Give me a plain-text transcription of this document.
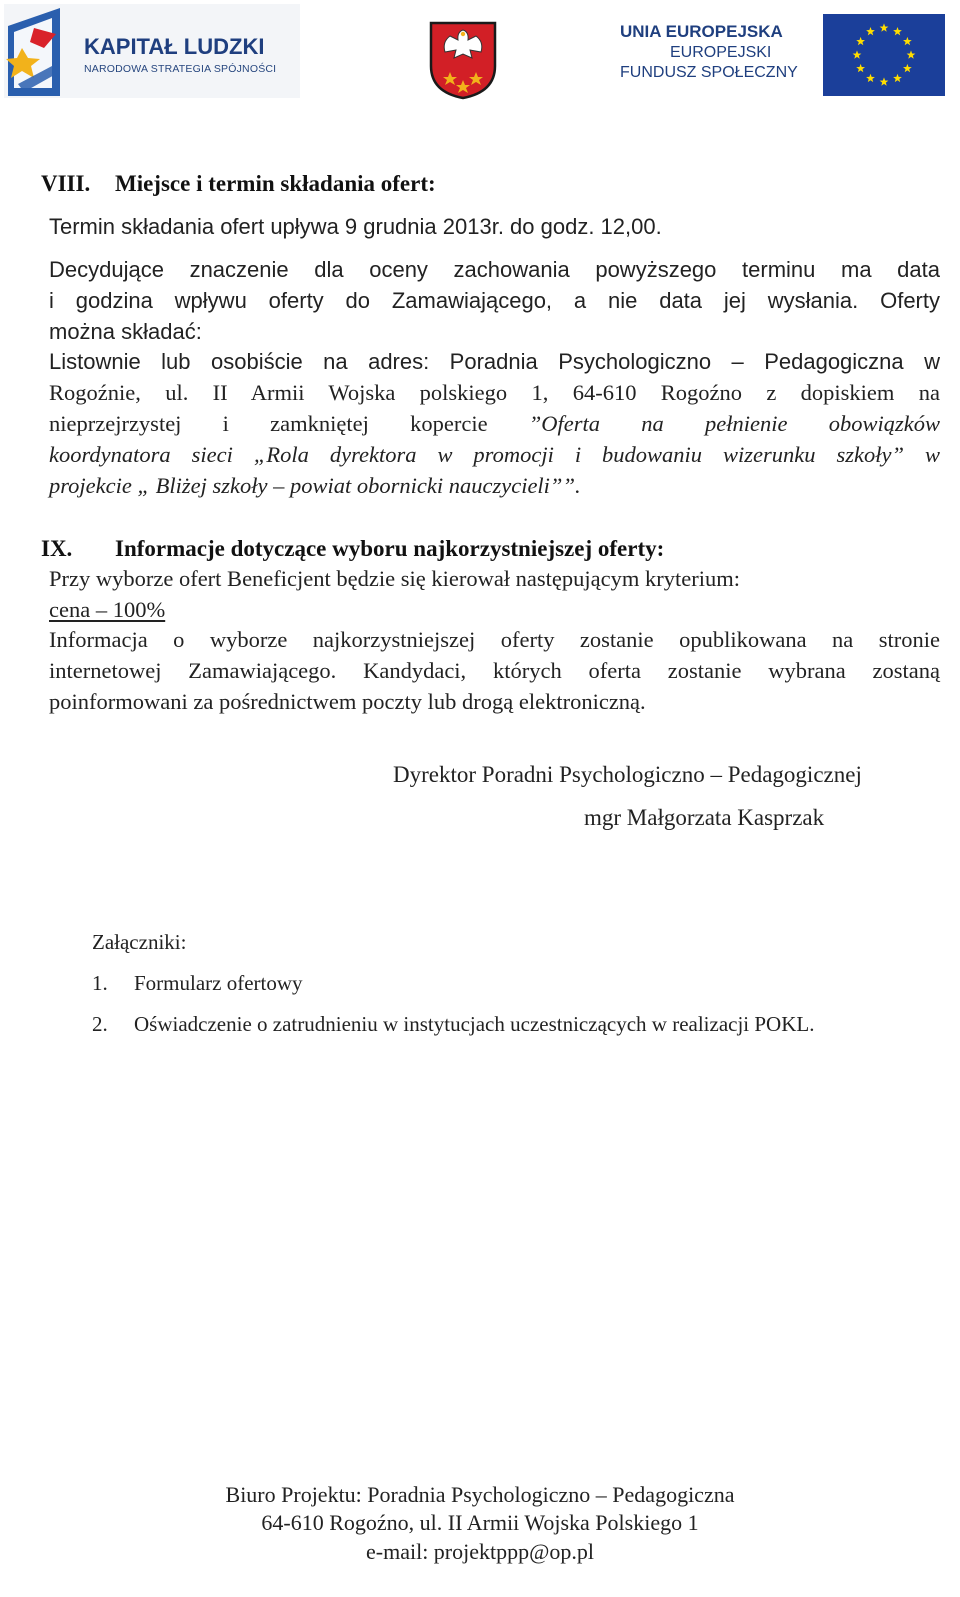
KAPITAŁ LUDZKI
NARODOWA STRATEGIA SPÓJNOŚCI
UNIA EUROPEJSKA
EUROPEJSKI
FUNDUSZ SPOŁECZNY
VIII. Miejsce i termin składania ofert:
Termin składania ofert upływa 9 grudnia 2013r. do godz. 12,00.
Decydujące znaczenie dla oceny zachowania powyższego terminu ma data
i godzina wpływu oferty do Zamawiającego, a nie data jej wysłania. Oferty
można składać:
Listownie lub osobiście na adres: Poradnia Psychologiczno – Pedagogiczna w
Rogoźnie, ul. II Armii Wojska polskiego 1, 64-610 Rogoźno z dopiskiem na
nieprzejrzystej i zamkniętej kopercie ”Oferta na pełnienie obowiązków
koordynatora sieci „Rola dyrektora w promocji i budowaniu wizerunku szkoły” w
projekcie „ Bliżej szkoły – powiat obornicki nauczycieli””.
IX. Informacje dotyczące wyboru najkorzystniejszej oferty:
Przy wyborze ofert Beneficjent będzie się kierował następującym kryterium:
cena – 100%
Informacja o wyborze najkorzystniejszej oferty zostanie opublikowana na stronie
internetowej Zamawiającego. Kandydaci, których oferta zostanie wybrana zostaną
poinformowani za pośrednictwem poczty lub drogą elektroniczną.
Dyrektor Poradni Psychologiczno – Pedagogicznej
mgr Małgorzata Kasprzak
Załączniki:
1. Formularz ofertowy
2. Oświadczenie o zatrudnieniu w instytucjach uczestniczących w realizacji POKL.
Biuro Projektu: Poradnia Psychologiczno – Pedagogiczna
64-610 Rogoźno, ul. II Armii Wojska Polskiego 1
e-mail: projektppp@op.pl
